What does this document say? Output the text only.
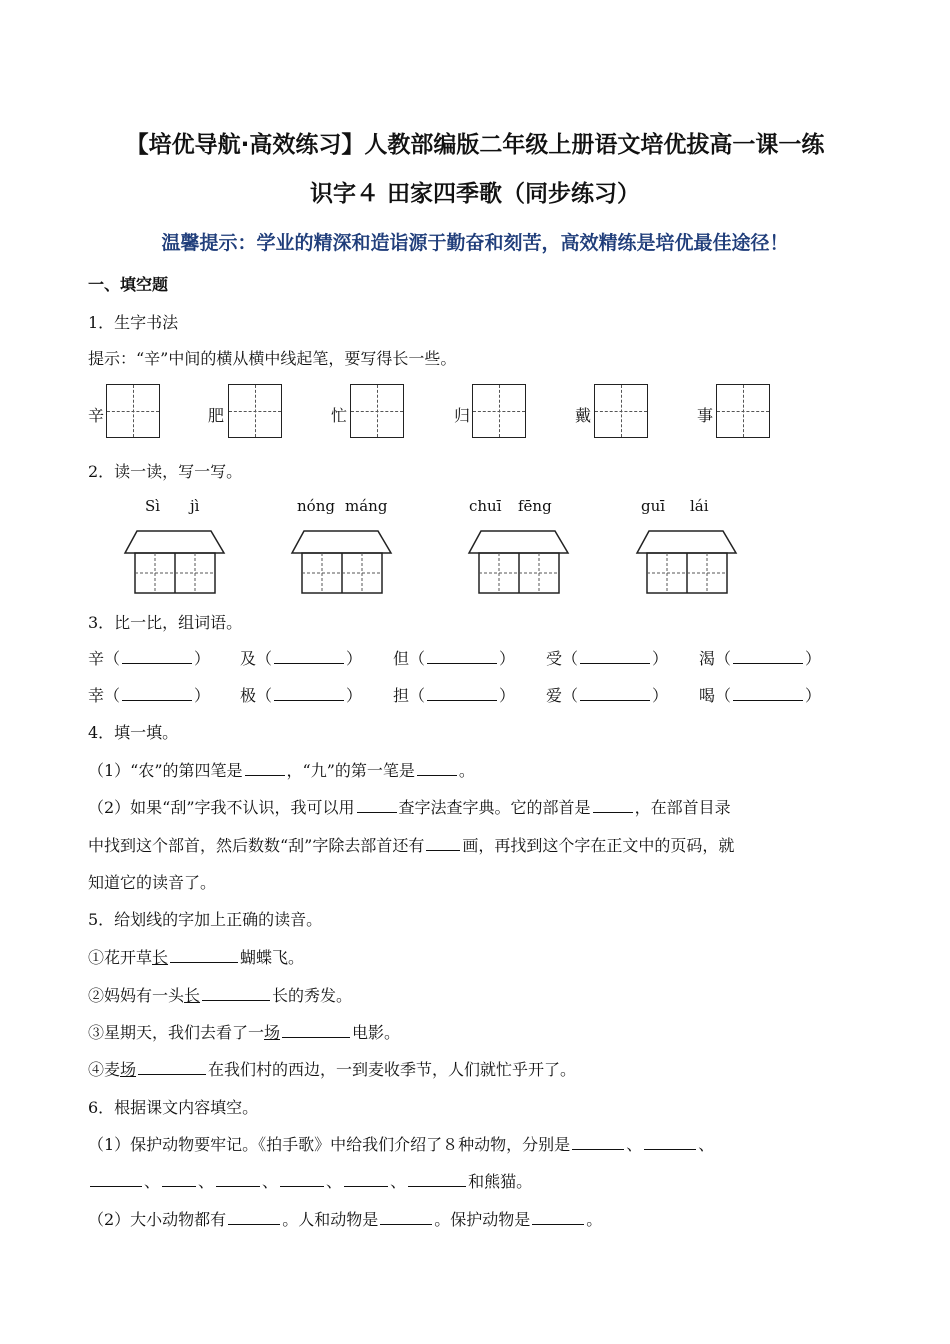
【培优导航·高效练习】人教部编版二年级上册语文培优拔高一课一练
识字４ 田家四季歌（同步练习）
温馨提示：学业的精深和造诣源于勤奋和刻苦，高效精练是培优最佳途径！
一、填空题
1．生字书法
提示：“辛”中间的横从横中线起笔，要写得长一些。
辛	肥	忙	归	戴	事
2．读一读，写一写。
Sì jì	nóng máng	chuī fēng	guī lái
3．比一比，组词语。
辛（	） 及（	） 但（	） 受（	） 渴（	）
幸（	） 极（	） 担（	） 爱（	） 喝（	）
4．填一填。
（1）“农”的第四笔是	，“九”的第一笔是	。
（2）如果“刮”字我不认识，我可以用	查字法查字典。它的部首是	，在部首目录
中找到这个部首，然后数数“刮”字除去部首还有 画，再找到这个字在正文中的页码，就
知道它的读音了。
5．给划线的字加上正确的读音。
①花开草长	蝴蝶飞。
②妈妈有一头长	长的秀发。
③星期天，我们去看了一场	电影。
④麦场	在我们村的西边，一到麦收季节，人们就忙乎开了。
6．根据课文内容填空。
（1）保护动物要牢记。《拍手歌》中给我们介绍了８种动物，分别是	、	、
、 、	、	、	、	和熊猫。
（2）大小动物都有	。人和动物是	。保护动物是	。
